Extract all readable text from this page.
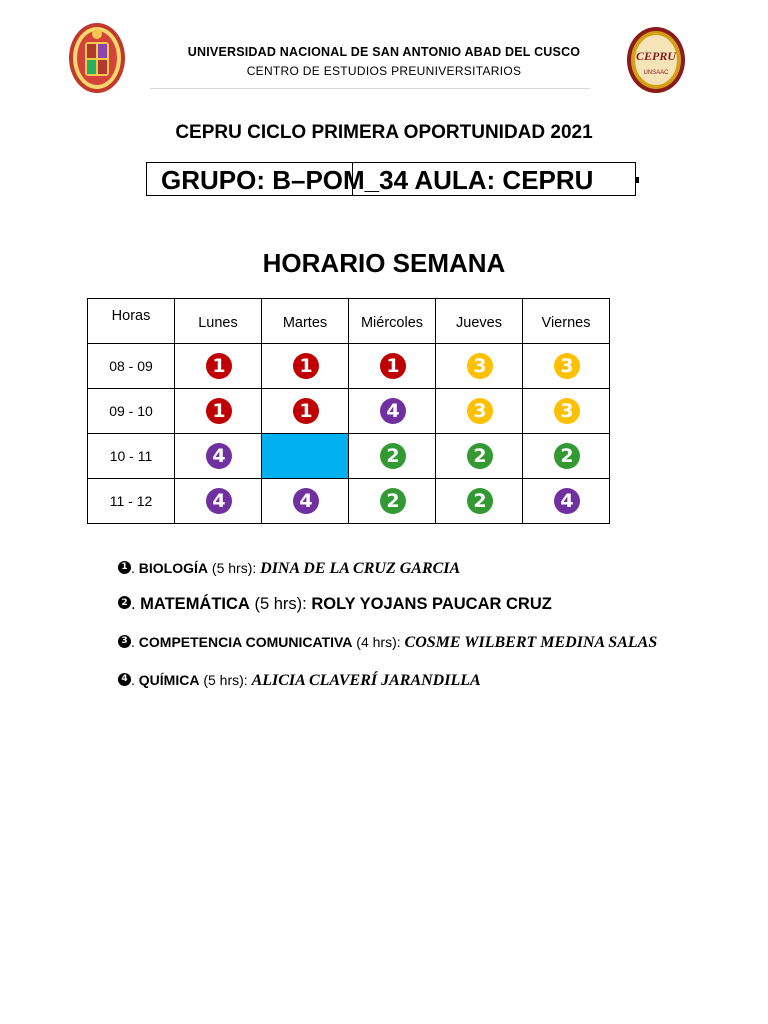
CEPRU
UNSAAC
UNIVERSIDAD NACIONAL DE SAN ANTONIO ABAD DEL CUSCO
CENTRO DE ESTUDIOS PREUNIVERSITARIOS
CEPRU CICLO PRIMERA OPORTUNIDAD 2021
GRUPO: B–POM_34 AULA: CEPRU
HORARIO SEMANA
Horas	Lunes	Martes	Miércoles	Jueves	Viernes
08 - 09	1	1	1	3	3
09 - 10	1	1	4	3	3
10 - 11	4		2	2	2
11 - 12	4	4	2	2	4
1 . BIOLOGÍA (5 hrs): DINA DE LA CRUZ GARCIA
2 . MATEMÁTICA (5 hrs): ROLY YOJANS PAUCAR CRUZ
3 . COMPETENCIA COMUNICATIVA (4 hrs): COSME WILBERT MEDINA SALAS
4 . QUÍMICA (5 hrs): ALICIA CLAVERÍ JARANDILLA
